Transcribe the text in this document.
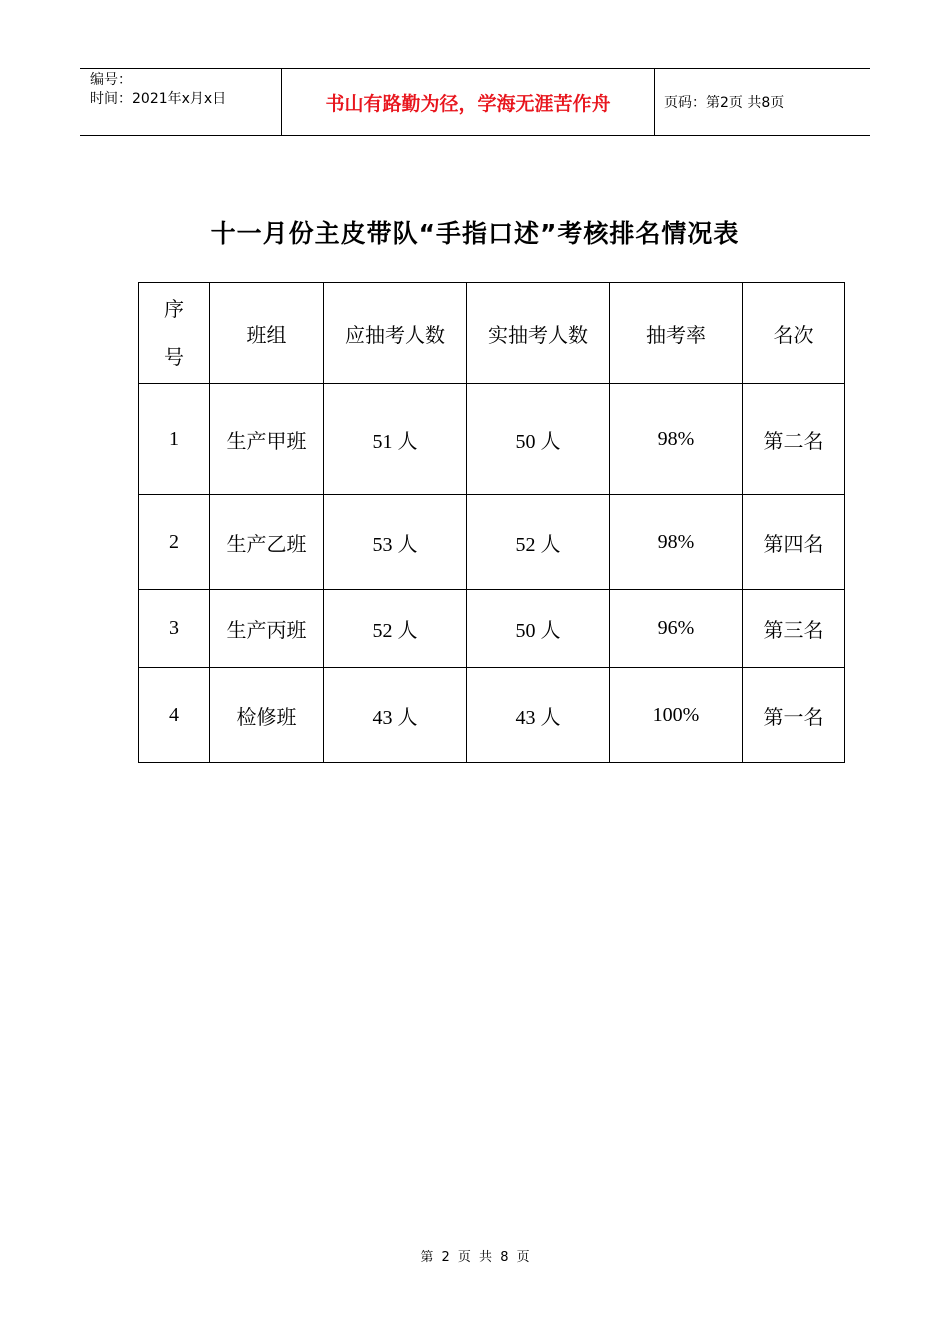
编号：
时间：2021年x月x日	书山有路勤为径，学海无涯苦作舟	页码：第2页 共8页
十一月份主皮带队“手指口述”考核排名情况表
序号	班组	应抽考人数	实抽考人数	抽考率	名次
1	生产甲班	51 人	50 人	98%	第二名
2	生产乙班	53 人	52 人	98%	第四名
3	生产丙班	52 人	50 人	96%	第三名
4	检修班	43 人	43 人	100%	第一名
第 2 页 共 8 页
